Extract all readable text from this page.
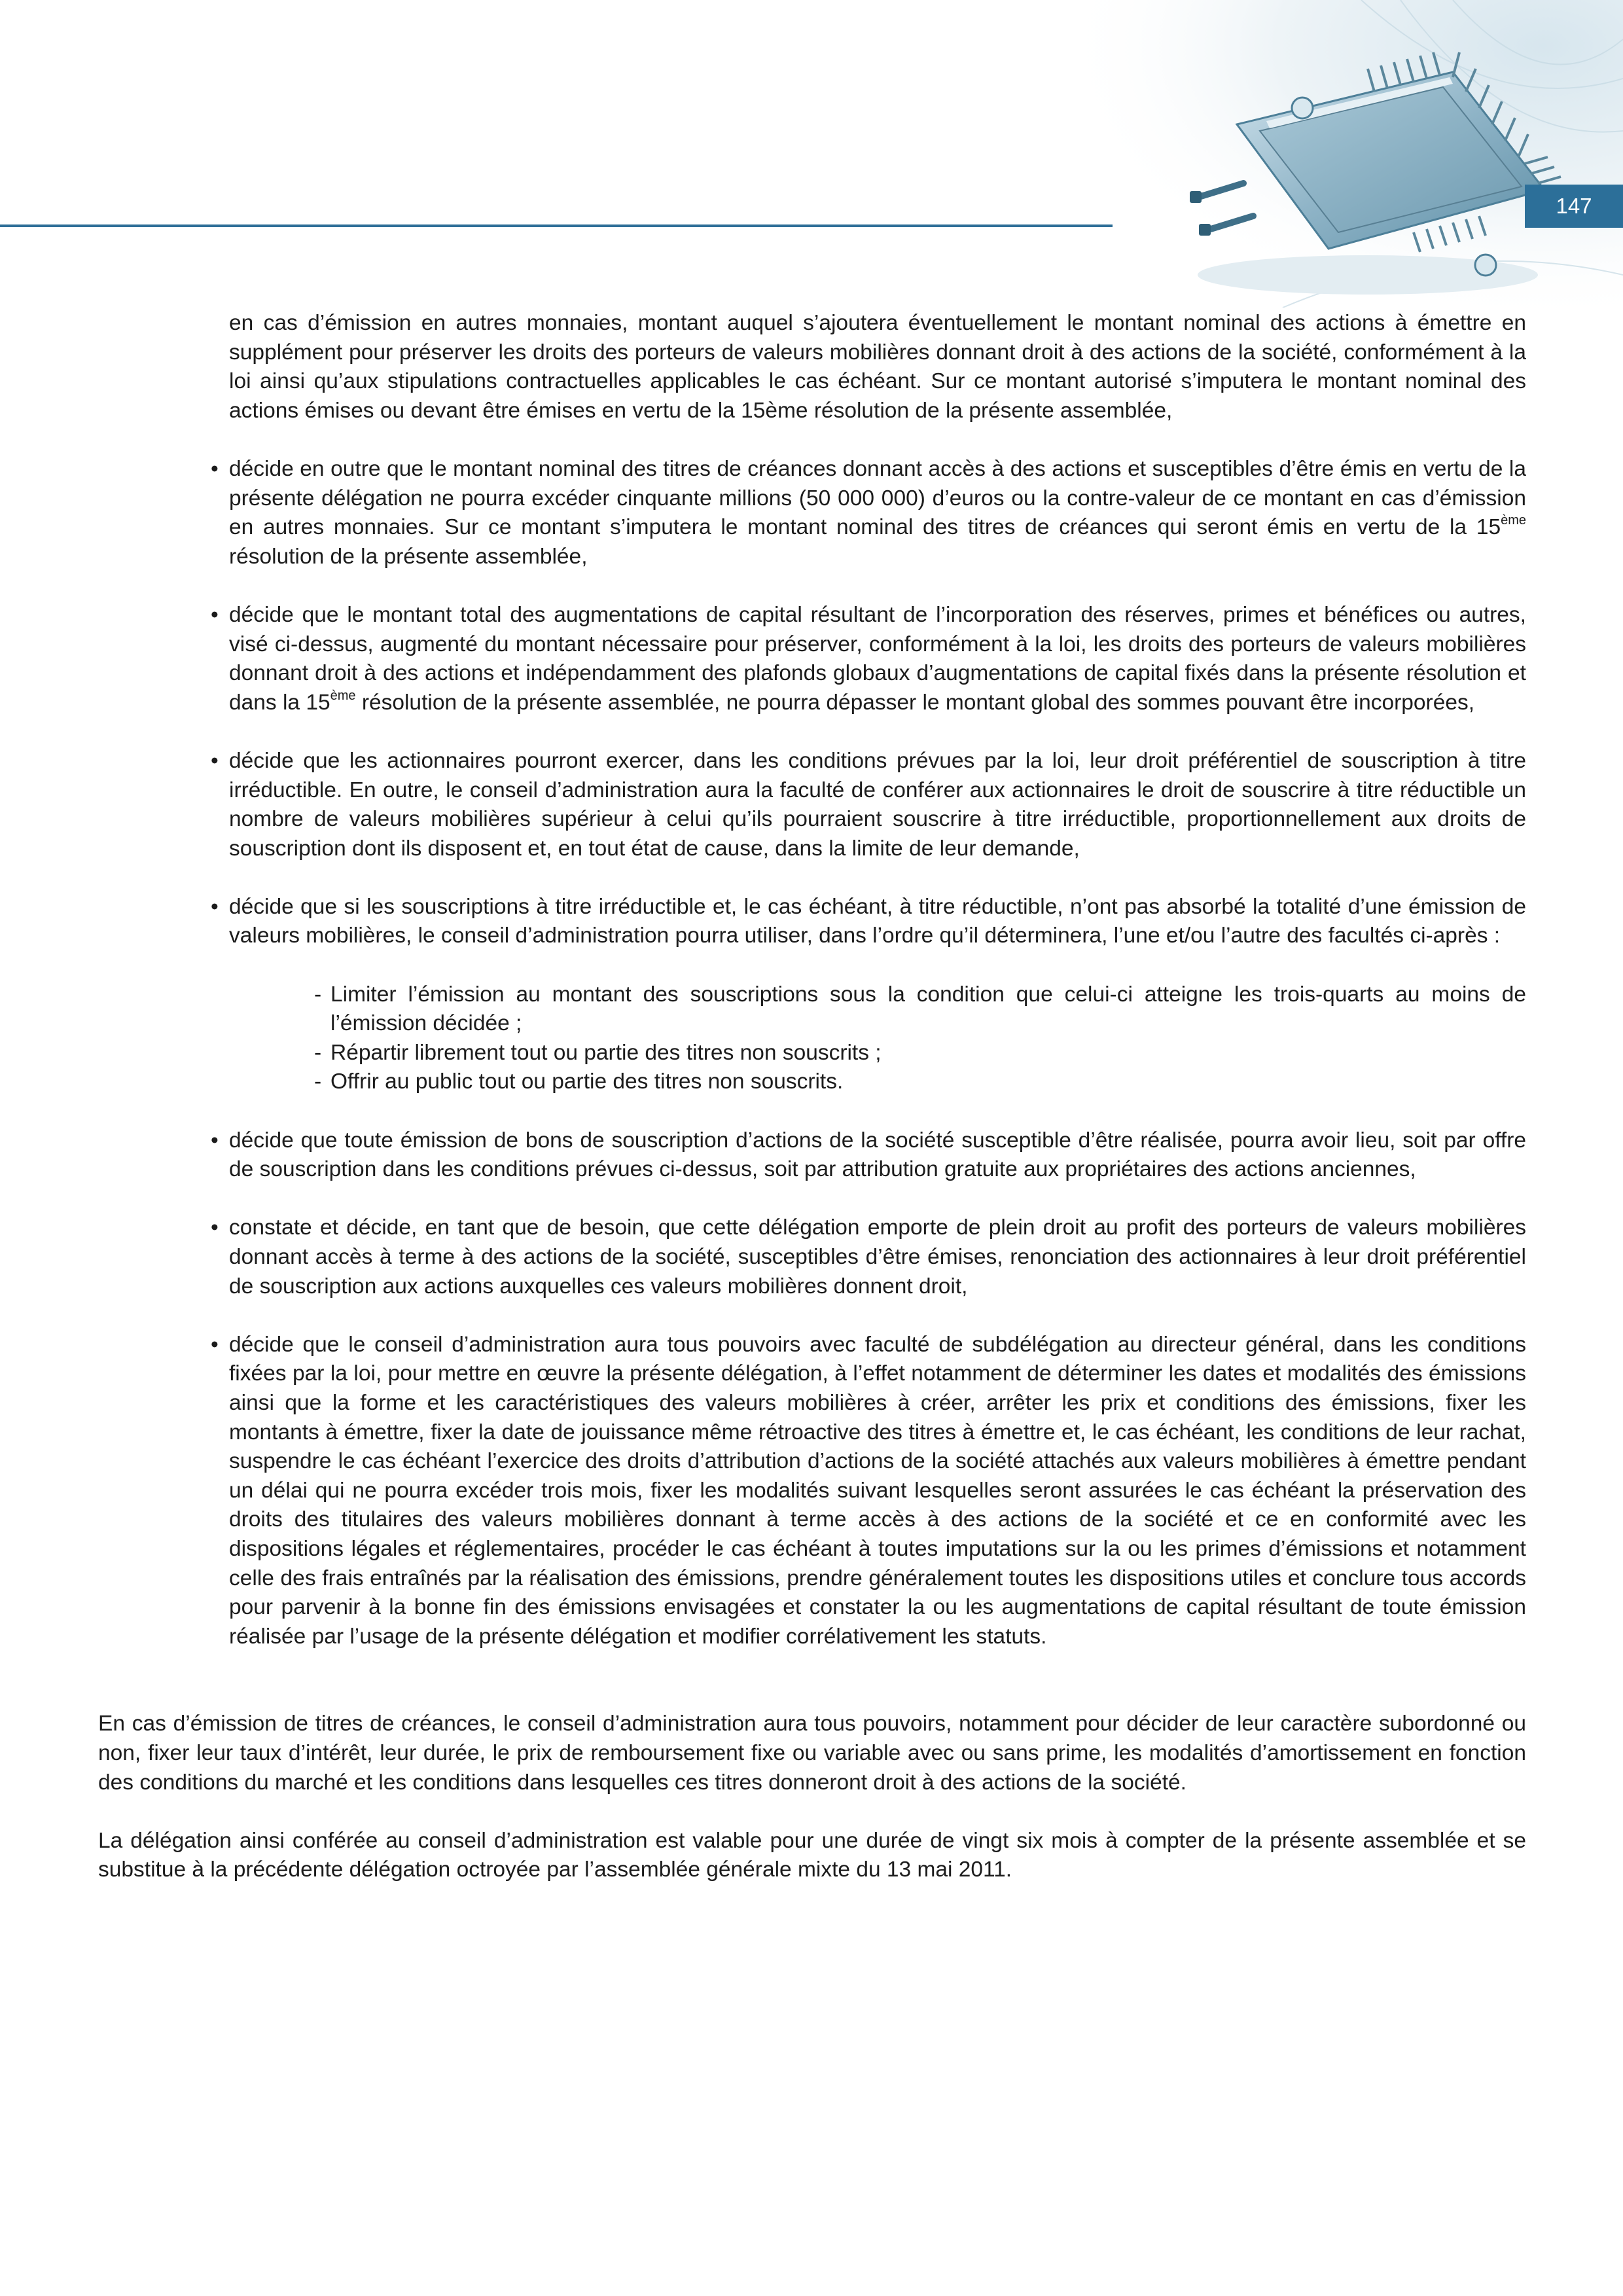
147

en cas d’émission en autres monnaies, montant auquel s’ajoutera éventuellement le montant nominal des actions à émettre en supplément pour préserver les droits des porteurs de valeurs mobilières donnant droit à des actions de la société, conformément à la loi ainsi qu’aux stipulations contractuelles applicables le cas échéant. Sur ce montant autorisé s’imputera le montant nominal des actions émises ou devant être émises en vertu de la 15ème résolution de la présente assemblée,

• décide en outre que le montant nominal des titres de créances donnant accès à des actions et susceptibles d’être émis en vertu de la présente délégation ne pourra excéder cinquante millions (50 000 000) d’euros ou la contre-valeur de ce montant en cas d’émission en autres monnaies. Sur ce montant s’imputera le montant nominal des titres de créances qui seront émis en vertu de la 15ème résolution de la présente assemblée,

• décide que le montant total des augmentations de capital résultant de l’incorporation des réserves, primes et bénéfices ou autres, visé ci-dessus, augmenté du montant nécessaire pour préserver, conformément à la loi, les droits des porteurs de valeurs mobilières donnant droit à des actions et indépendamment des plafonds globaux d’augmentations de capital fixés dans la présente résolution et dans la 15ème résolution de la présente assemblée, ne pourra dépasser le montant global des sommes pouvant être incorporées,

• décide que les actionnaires pourront exercer, dans les conditions prévues par la loi, leur droit préférentiel de souscription à titre irréductible. En outre, le conseil d’administration aura la faculté de conférer aux actionnaires le droit de souscrire à titre réductible un nombre de valeurs mobilières supérieur à celui qu’ils pourraient souscrire à titre irréductible, proportionnellement aux droits de souscription dont ils disposent et, en tout état de cause, dans la limite de leur demande,

• décide que si les souscriptions à titre irréductible et, le cas échéant, à titre réductible, n’ont pas absorbé la totalité d’une émission de valeurs mobilières, le conseil d’administration pourra utiliser, dans l’ordre qu’il déterminera, l’une et/ou l’autre des facultés ci-après :

- Limiter l’émission au montant des souscriptions sous la condition que celui-ci atteigne les trois-quarts au moins de l’émission décidée ;
- Répartir librement tout ou partie des titres non souscrits ;
- Offrir au public tout ou partie des titres non souscrits.

• décide que toute émission de bons de souscription d’actions de la société susceptible d’être réalisée, pourra avoir lieu, soit par offre de souscription dans les conditions prévues ci-dessus, soit par attribution gratuite aux propriétaires des actions anciennes,

• constate et décide, en tant que de besoin, que cette délégation emporte de plein droit au profit des porteurs de valeurs mobilières donnant accès à terme à des actions de la société, susceptibles d’être émises, renonciation des actionnaires à leur droit préférentiel de souscription aux actions auxquelles ces valeurs mobilières donnent droit,

• décide que le conseil d’administration aura tous pouvoirs avec faculté de subdélégation au directeur général, dans les conditions fixées par la loi, pour mettre en œuvre la présente délégation, à l’effet notamment de déterminer les dates et modalités des émissions ainsi que la forme et les caractéristiques des valeurs mobilières à créer, arrêter les prix et conditions des émissions, fixer les montants à émettre, fixer la date de jouissance même rétroactive des titres à émettre et, le cas échéant, les conditions de leur rachat, suspendre le cas échéant l’exercice des droits d’attribution d’actions de la société attachés aux valeurs mobilières à émettre pendant un délai qui ne pourra excéder trois mois, fixer les modalités suivant lesquelles seront assurées le cas échéant la préservation des droits des titulaires des valeurs mobilières donnant à terme accès à des actions de la société et ce en conformité avec les dispositions légales et réglementaires, procéder le cas échéant à toutes imputations sur la ou les primes d’émissions et notamment celle des frais entraînés par la réalisation des émissions, prendre généralement toutes les dispositions utiles et conclure tous accords pour parvenir à la bonne fin des émissions envisagées et constater la ou les augmentations de capital résultant de toute émission réalisée par l’usage de la présente délégation et modifier corrélativement les statuts.

En cas d’émission de titres de créances, le conseil d’administration aura tous pouvoirs, notamment pour décider de leur caractère subordonné ou non, fixer leur taux d’intérêt, leur durée, le prix de remboursement fixe ou variable avec ou sans prime, les modalités d’amortissement en fonction des conditions du marché et les conditions dans lesquelles ces titres donneront droit à des actions de la société.

La délégation ainsi conférée au conseil d’administration est valable pour une durée de vingt six mois à compter de la présente assemblée et se substitue à la précédente délégation octroyée par l’assemblée générale mixte du 13 mai 2011.
